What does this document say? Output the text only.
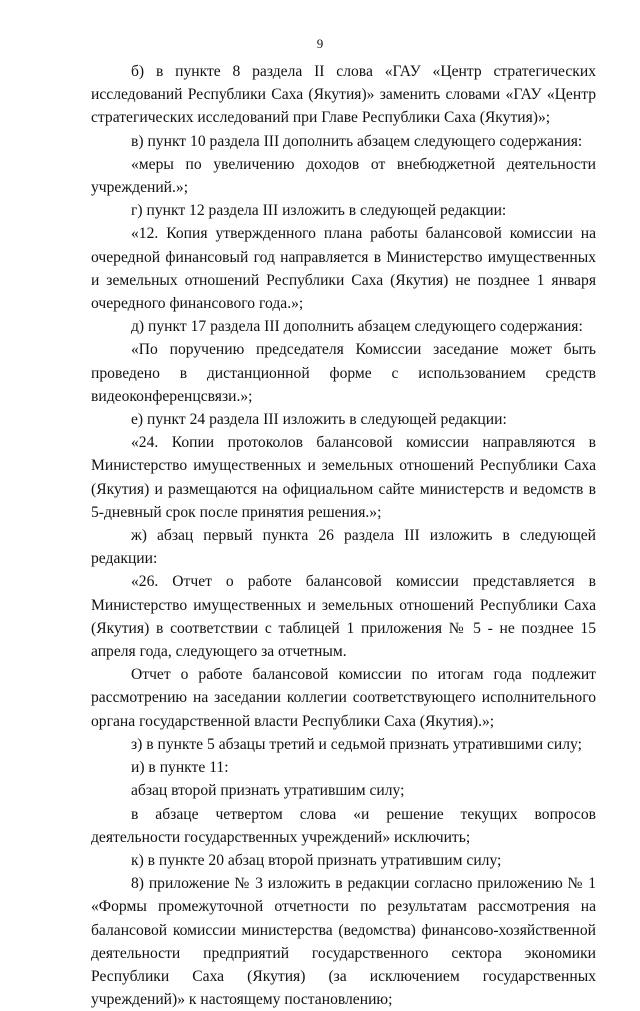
9

б) в пункте 8 раздела II слова «ГАУ «Центр стратегических исследований Республики Саха (Якутия)» заменить словами «ГАУ «Центр стратегических исследований при Главе Республики Саха (Якутия)»;

в) пункт 10 раздела III дополнить абзацем следующего содержания:

«меры по увеличению доходов от внебюджетной деятельности учреждений.»;

г) пункт 12 раздела III изложить в следующей редакции:

«12. Копия утвержденного плана работы балансовой комиссии на очередной финансовый год направляется в Министерство имущественных и земельных отношений Республики Саха (Якутия) не позднее 1 января очередного финансового года.»;

д) пункт 17 раздела III дополнить абзацем следующего содержания:

«По поручению председателя Комиссии заседание может быть проведено в дистанционной форме с использованием средств видеоконференцсвязи.»;

е) пункт 24 раздела III изложить в следующей редакции:

«24. Копии протоколов балансовой комиссии направляются в Министерство имущественных и земельных отношений Республики Саха (Якутия) и размещаются на официальном сайте министерств и ведомств в 5-дневный срок после принятия решения.»;

ж) абзац первый пункта 26 раздела III изложить в следующей редакции:

«26. Отчет о работе балансовой комиссии представляется в Министерство имущественных и земельных отношений Республики Саха (Якутия) в соответствии с таблицей 1 приложения № 5 - не позднее 15 апреля года, следующего за отчетным.

Отчет о работе балансовой комиссии по итогам года подлежит рассмотрению на заседании коллегии соответствующего исполнительного органа государственной власти Республики Саха (Якутия).»;

з) в пункте 5 абзацы третий и седьмой признать утратившими силу;

и) в пункте 11:

абзац второй признать утратившим силу;

в абзаце четвертом слова «и решение текущих вопросов деятельности государственных учреждений» исключить;

к) в пункте 20 абзац второй признать утратившим силу;

8) приложение № 3 изложить в редакции согласно приложению № 1 «Формы промежуточной отчетности по результатам рассмотрения на балансовой комиссии министерства (ведомства) финансово-хозяйственной деятельности предприятий государственного сектора экономики Республики Саха (Якутия) (за исключением государственных учреждений)» к настоящему постановлению;
